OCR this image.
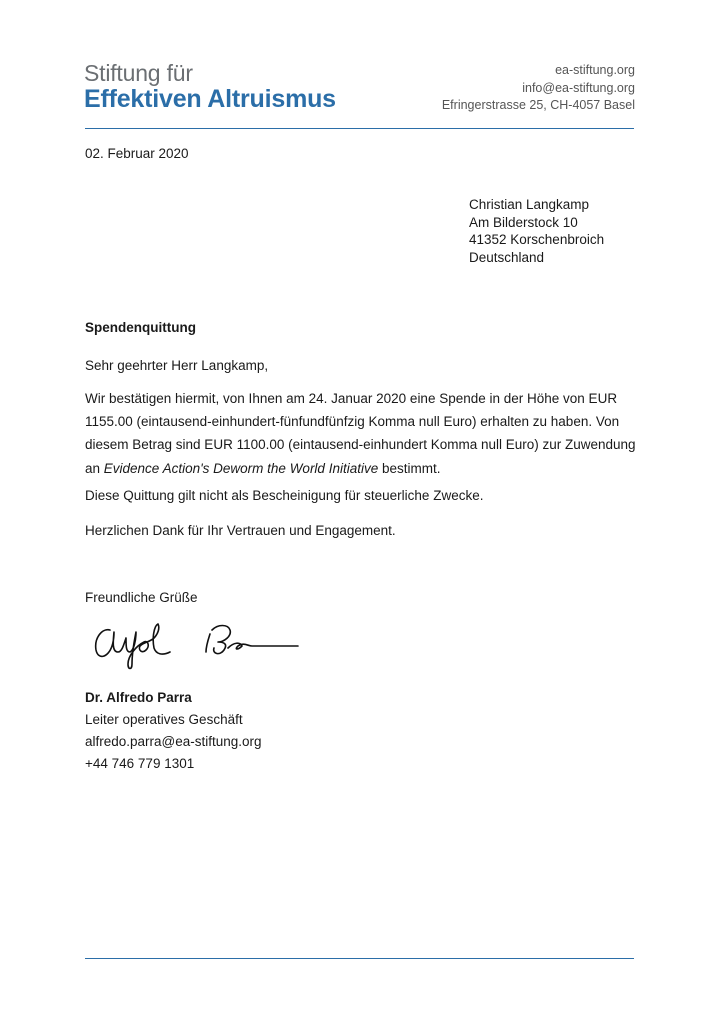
Stiftung für
Effektiven Altruismus
ea-stiftung.org
info@ea-stiftung.org
Efringerstrasse 25, CH-4057 Basel
02. Februar 2020
Christian Langkamp
Am Bilderstock 10
41352 Korschenbroich
Deutschland
Spendenquittung
Sehr geehrter Herr Langkamp,
Wir bestätigen hiermit, von Ihnen am 24. Januar 2020 eine Spende in der Höhe von EUR 1155.00 (eintausend-einhundert-fünfundfünfzig Komma null Euro) erhalten zu haben. Von diesem Betrag sind EUR 1100.00 (eintausend-einhundert Komma null Euro) zur Zuwendung an Evidence Action's Deworm the World Initiative bestimmt.
Diese Quittung gilt nicht als Bescheinigung für steuerliche Zwecke.
Herzlichen Dank für Ihr Vertrauen und Engagement.
Freundliche Grüße
Dr. Alfredo Parra
Leiter operatives Geschäft
alfredo.parra@ea-stiftung.org
+44 746 779 1301
